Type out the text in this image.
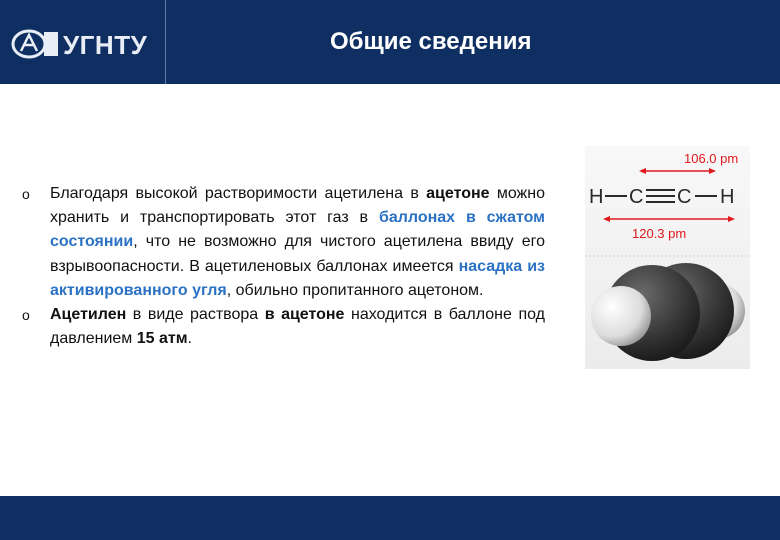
УГНТУ	Общие сведения
o Благодаря высокой растворимости ацетилена в ацетоне можно хранить и транспортировать этот газ в баллонах в сжатом состоянии, что не возможно для чистого ацетилена ввиду его взрывоопасности. В ацетиленовых баллонах имеется насадка из активированного угля, обильно пропитанного ацетоном.
o Ацетилен в виде раствора в ацетоне находится в баллоне под давлением 15 атм.
106.0 pm
H C C H
120.3 pm
